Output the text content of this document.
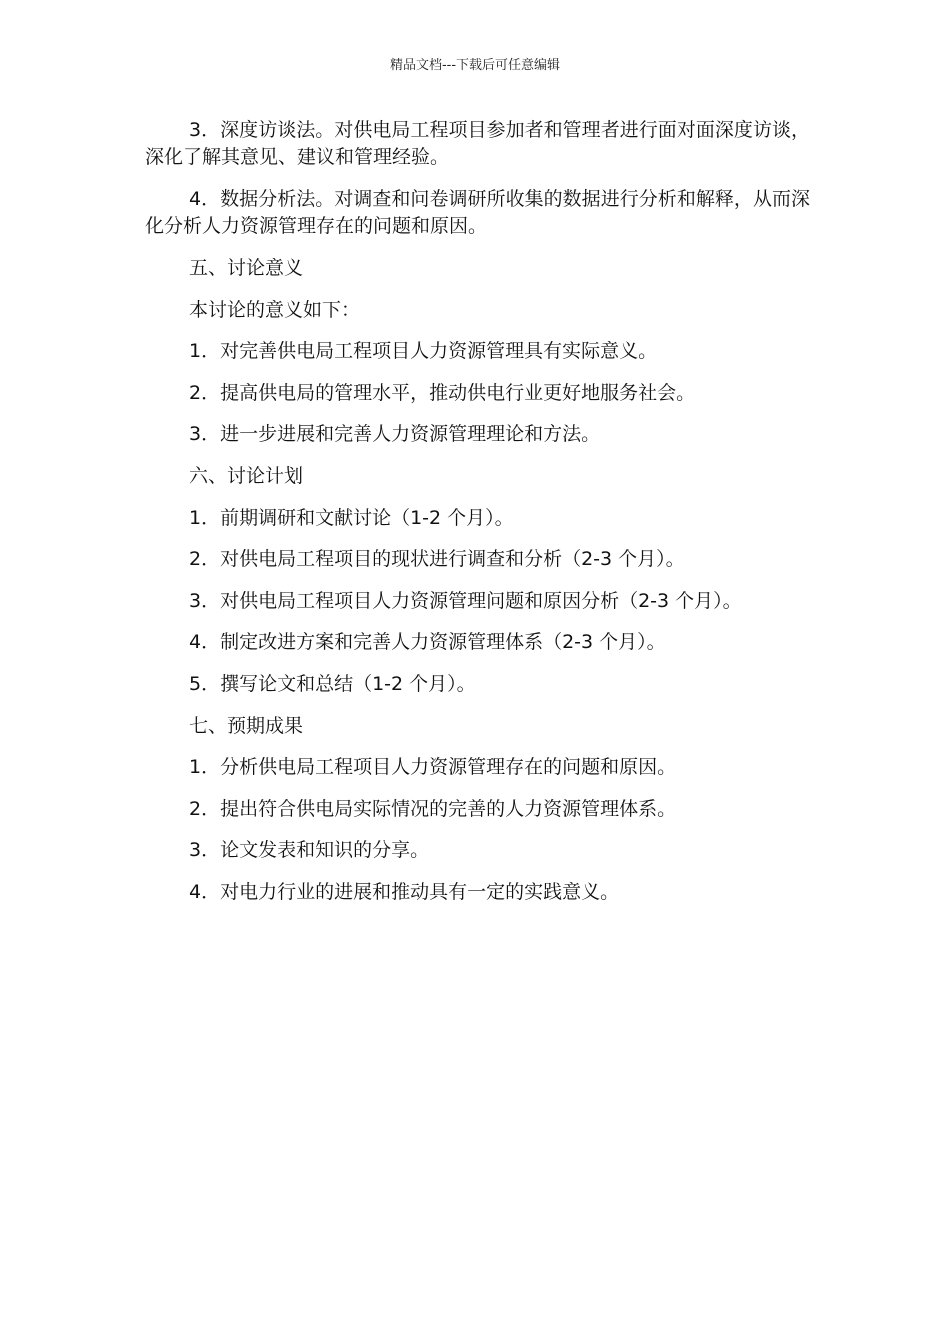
精品文档---下载后可任意编辑

3．深度访谈法。对供电局工程项目参加者和管理者进行面对面深度访谈，深化了解其意见、建议和管理经验。

4．数据分析法。对调查和问卷调研所收集的数据进行分析和解释，从而深化分析人力资源管理存在的问题和原因。

五、讨论意义

本讨论的意义如下：

1．对完善供电局工程项目人力资源管理具有实际意义。

2．提高供电局的管理水平，推动供电行业更好地服务社会。

3．进一步进展和完善人力资源管理理论和方法。

六、讨论计划

1．前期调研和文献讨论（1-2 个月）。

2．对供电局工程项目的现状进行调查和分析（2-3 个月）。

3．对供电局工程项目人力资源管理问题和原因分析（2-3 个月）。

4．制定改进方案和完善人力资源管理体系（2-3 个月）。

5．撰写论文和总结（1-2 个月）。

七、预期成果

1．分析供电局工程项目人力资源管理存在的问题和原因。

2．提出符合供电局实际情况的完善的人力资源管理体系。

3．论文发表和知识的分享。

4．对电力行业的进展和推动具有一定的实践意义。
